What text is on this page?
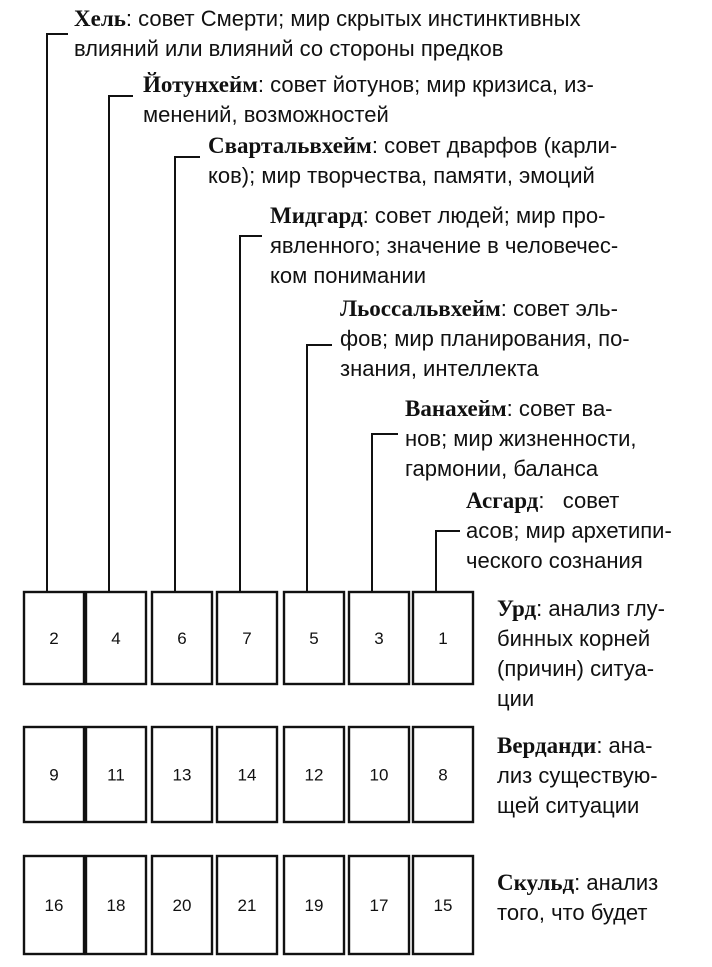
2	4	6	7	5	3	1
9	11	13	14	12	10	8
16	18	20	21	19	17	15
Хель: совет Смерти; мир скрытых инстинктивных
влияний или влияний со стороны предков
Йотунхейм: совет йотунов; мир кризиса, из-
менений, возможностей
Свартальвхейм: совет дварфов (карли-
ков); мир творчества, памяти, эмоций
Мидгард: совет людей; мир про-
явленного; значение в человечес-
ком понимании
Льоссальвхейм: совет эль-
фов; мир планирования, по-
знания, интеллекта
Ванахейм: совет ва-
нов; мир жизненности,
гармонии, баланса
Асгард:   совет
асов; мир архетипи-
ческого сознания
Урд: анализ глу-
бинных корней
(причин) ситуа-
ции
Верданди: ана-
лиз существую-
щей ситуации
Скульд: анализ
того, что будет
